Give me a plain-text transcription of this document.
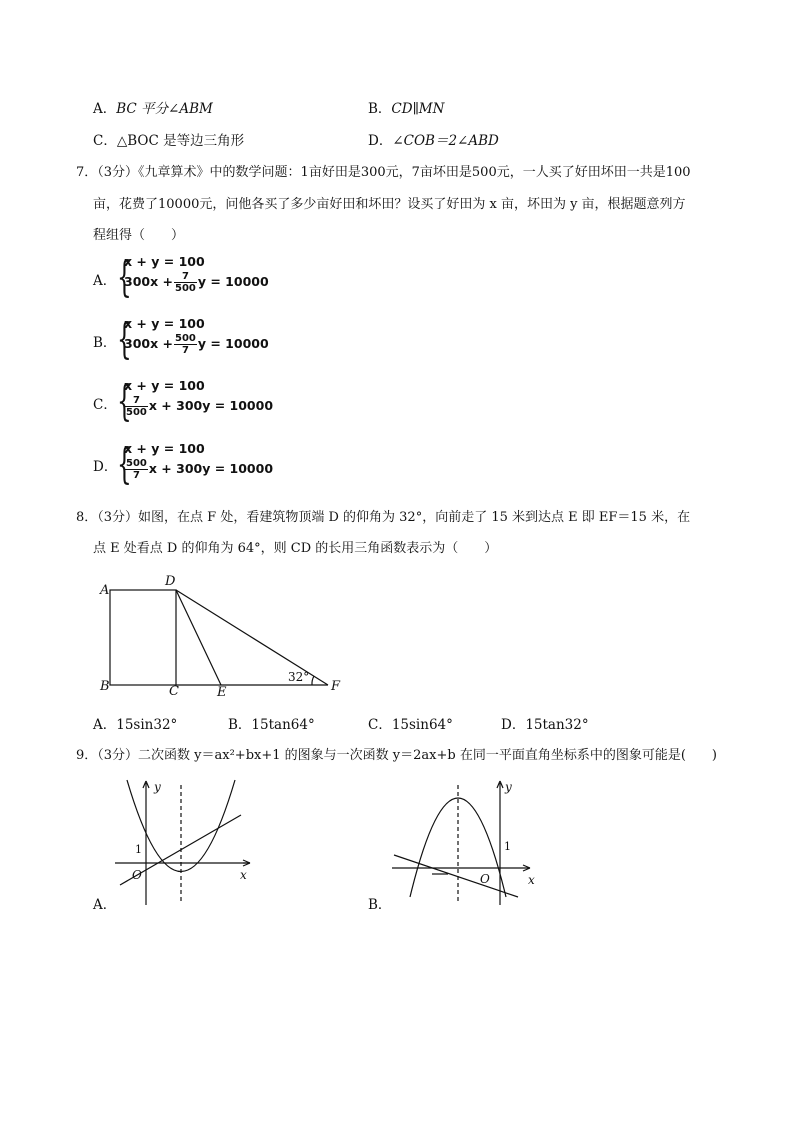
A．BC 平分∠ABM	B．CD∥MN
C．△BOC 是等边三角形	D．∠COB＝2∠ABD
7．（3分）《九章算术》中的数学问题：1亩好田是300元，7亩坏田是500元，一人买了好田坏田一共是100
亩，花费了10000元，问他各买了多少亩好田和坏田？设买了好田为 x 亩，坏田为 y 亩，根据题意列方
程组得（　　）
A． {
x + y = 100
$300x + \frac{7}{500}$ y = 10000
B． {
x + y = 100
$300x + \frac{500}{7}$ y = 10000
C． {
x + y = 100
$\frac{7}{500}$ x + 300y = 10000
D． {
x + y = 100
$\frac{500}{7}$ x + 300y = 10000
8．（3分）如图，在点 F 处，看建筑物顶端 D 的仰角为 32°，向前走了 15 米到达点 E 即 EF＝15 米，在
点 E 处看点 D 的仰角为 64°，则 CD 的长用三角函数表示为（　　）
A
B	C
D
E	F
32°
A．15sin32°	B．15tan64°	C．15sin64°	D．15tan32°
9．（3分）二次函数 y＝ax²+bx+1 的图象与一次函数 y＝2ax+b 在同一平面直角坐标系中的图象可能是(　　)
y
x
O
1
A．
y
x
O
1
B．
